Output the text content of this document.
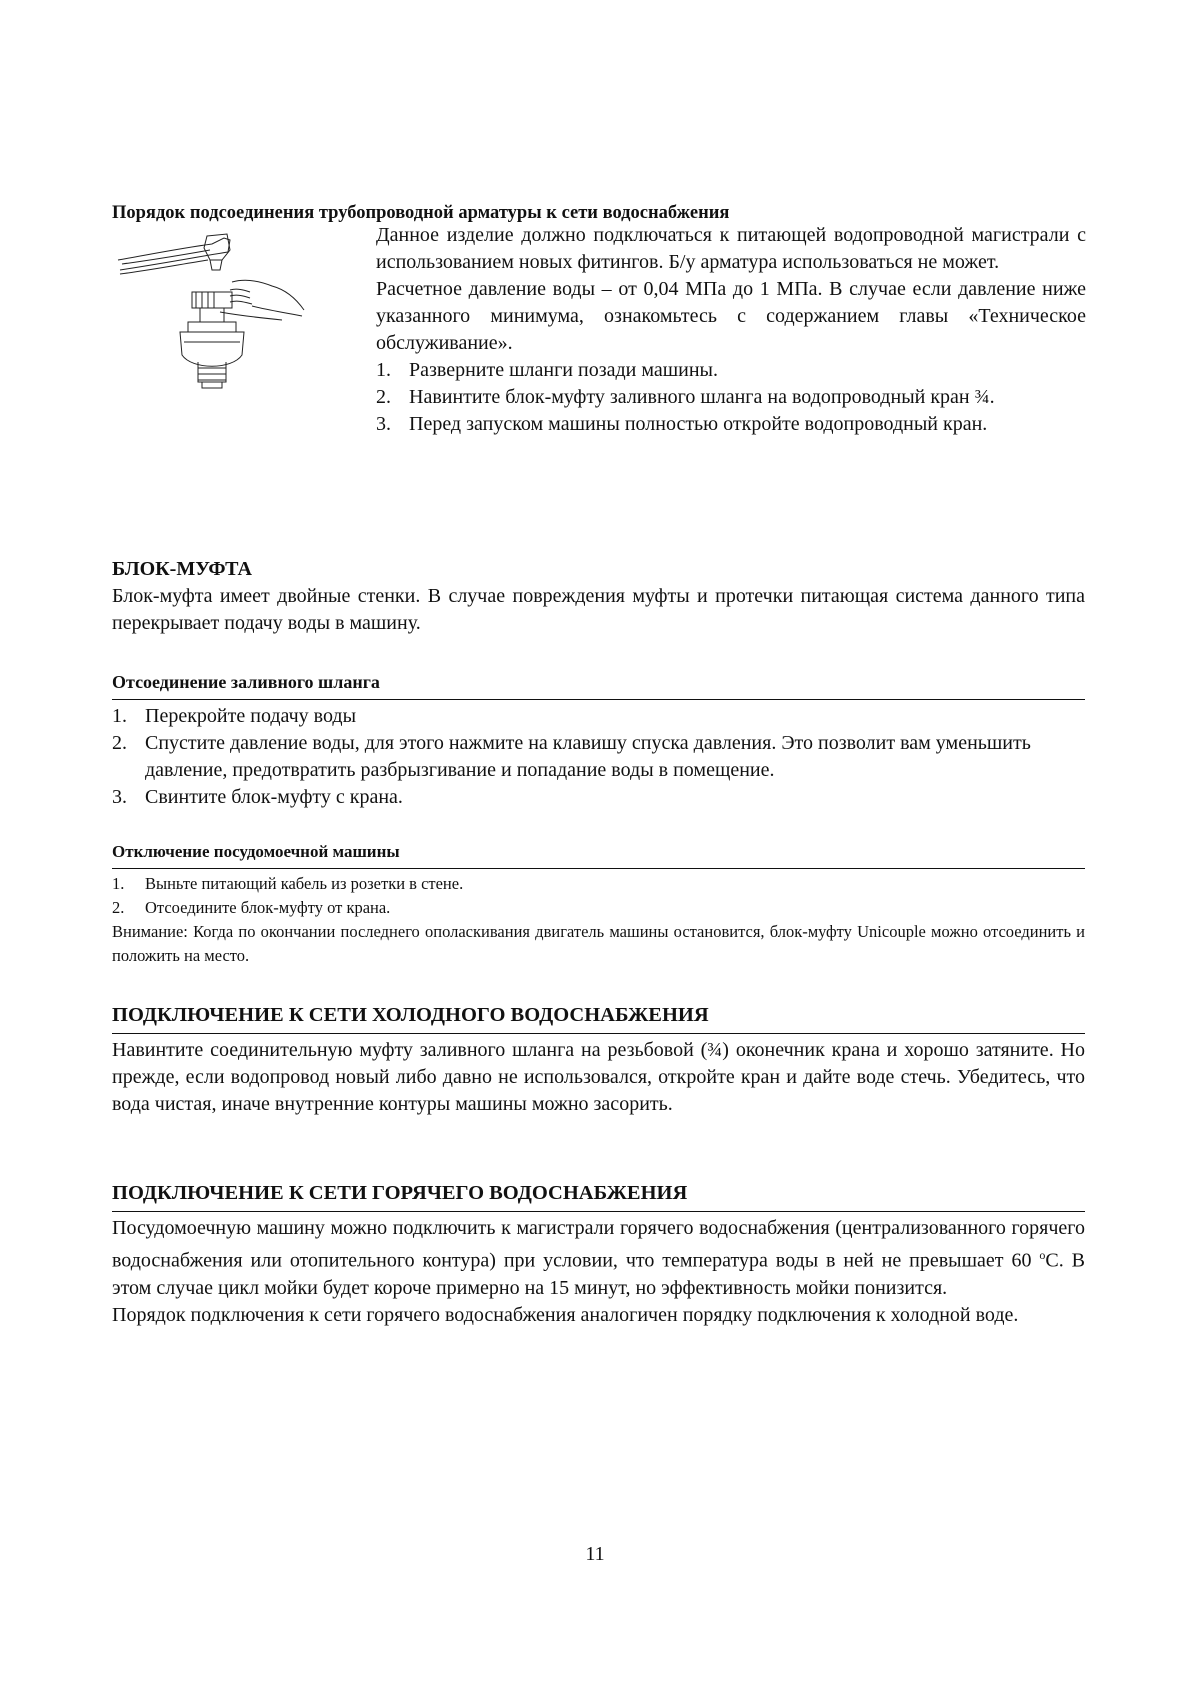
Порядок подсоединения трубопроводной арматуры к сети водоснабжения

Данное изделие должно подключаться к питающей водопроводной магистрали с использованием новых фитингов. Б/у арматура использоваться не может.

Расчетное давление воды – от 0,04 МПа до 1 МПа. В случае если давление ниже указанного минимума, ознакомьтесь с содержанием главы «Техническое обслуживание».

1. Разверните шланги позади машины.
2. Навинтите блок-муфту заливного шланга на водопроводный кран ¾.
3. Перед запуском машины полностью откройте водопроводный кран.

БЛОК-МУФТА

Блок-муфта имеет двойные стенки. В случае повреждения муфты и протечки питающая система данного типа перекрывает подачу воды в машину.

Отсоединение заливного шланга

1. Перекройте подачу воды
2. Спустите давление воды, для этого нажмите на клавишу спуска давления. Это позволит вам уменьшить давление, предотвратить разбрызгивание и попадание воды в помещение.
3. Свинтите блок-муфту с крана.

Отключение посудомоечной машины

1.	Выньте питающий кабель из розетки в стене.
2.	Отсоедините блок-муфту от крана.

Внимание: Когда по окончании последнего ополаскивания двигатель машины остановится, блок-муфту Unicouple можно отсоединить и положить на место.

ПОДКЛЮЧЕНИЕ К СЕТИ ХОЛОДНОГО ВОДОСНАБЖЕНИЯ

Навинтите соединительную муфту заливного шланга на резьбовой (¾) оконечник крана и хорошо затяните. Но прежде, если водопровод новый либо давно не использовался, откройте кран и дайте воде стечь. Убедитесь, что вода чистая, иначе внутренние контуры машины можно засорить.

ПОДКЛЮЧЕНИЕ К СЕТИ ГОРЯЧЕГО ВОДОСНАБЖЕНИЯ

Посудомоечную машину можно подключить к магистрали горячего водоснабжения (централизованного горячего водоснабжения или отопительного контура) при условии, что температура воды в ней не превышает 60 $^o$С. В этом случае цикл мойки будет короче примерно на 15 минут, но эффективность мойки понизится.

Порядок подключения к сети горячего водоснабжения аналогичен порядку подключения к холодной воде.

11
